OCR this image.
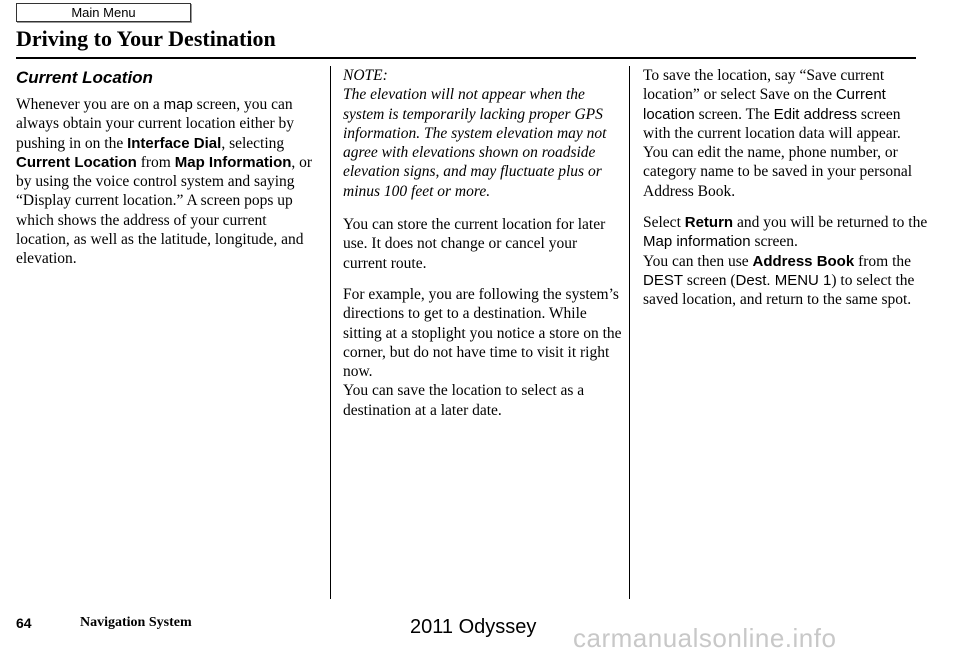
Main Menu
Driving to Your Destination
Current Location

Whenever you are on a map screen, you can always obtain your current location either by pushing in on the Interface Dial, selecting Current Location from Map Information, or by using the voice control system and saying “Display current location.” A screen pops up which shows the address of your current location, as well as the latitude, longitude, and elevation.

NOTE:

The elevation will not appear when the system is temporarily lacking proper GPS information. The system elevation may not agree with elevations shown on roadside elevation signs, and may fluctuate plus or minus 100 feet or more.

You can store the current location for later use. It does not change or cancel your current route.

For example, you are following the system’s directions to get to a destination. While sitting at a stoplight you notice a store on the corner, but do not have time to visit it right now.

You can save the location to select as a destination at a later date.

To save the location, say “Save current location” or select Save on the Current location screen. The Edit address screen with the current location data will appear. You can edit the name, phone number, or category name to be saved in your personal Address Book.

Select Return and you will be returned to the Map information screen.

You can then use Address Book from the DEST screen (Dest. MENU 1) to select the saved location, and return to the same spot.

64	Navigation System	2011 Odyssey carmanualsonline.info
